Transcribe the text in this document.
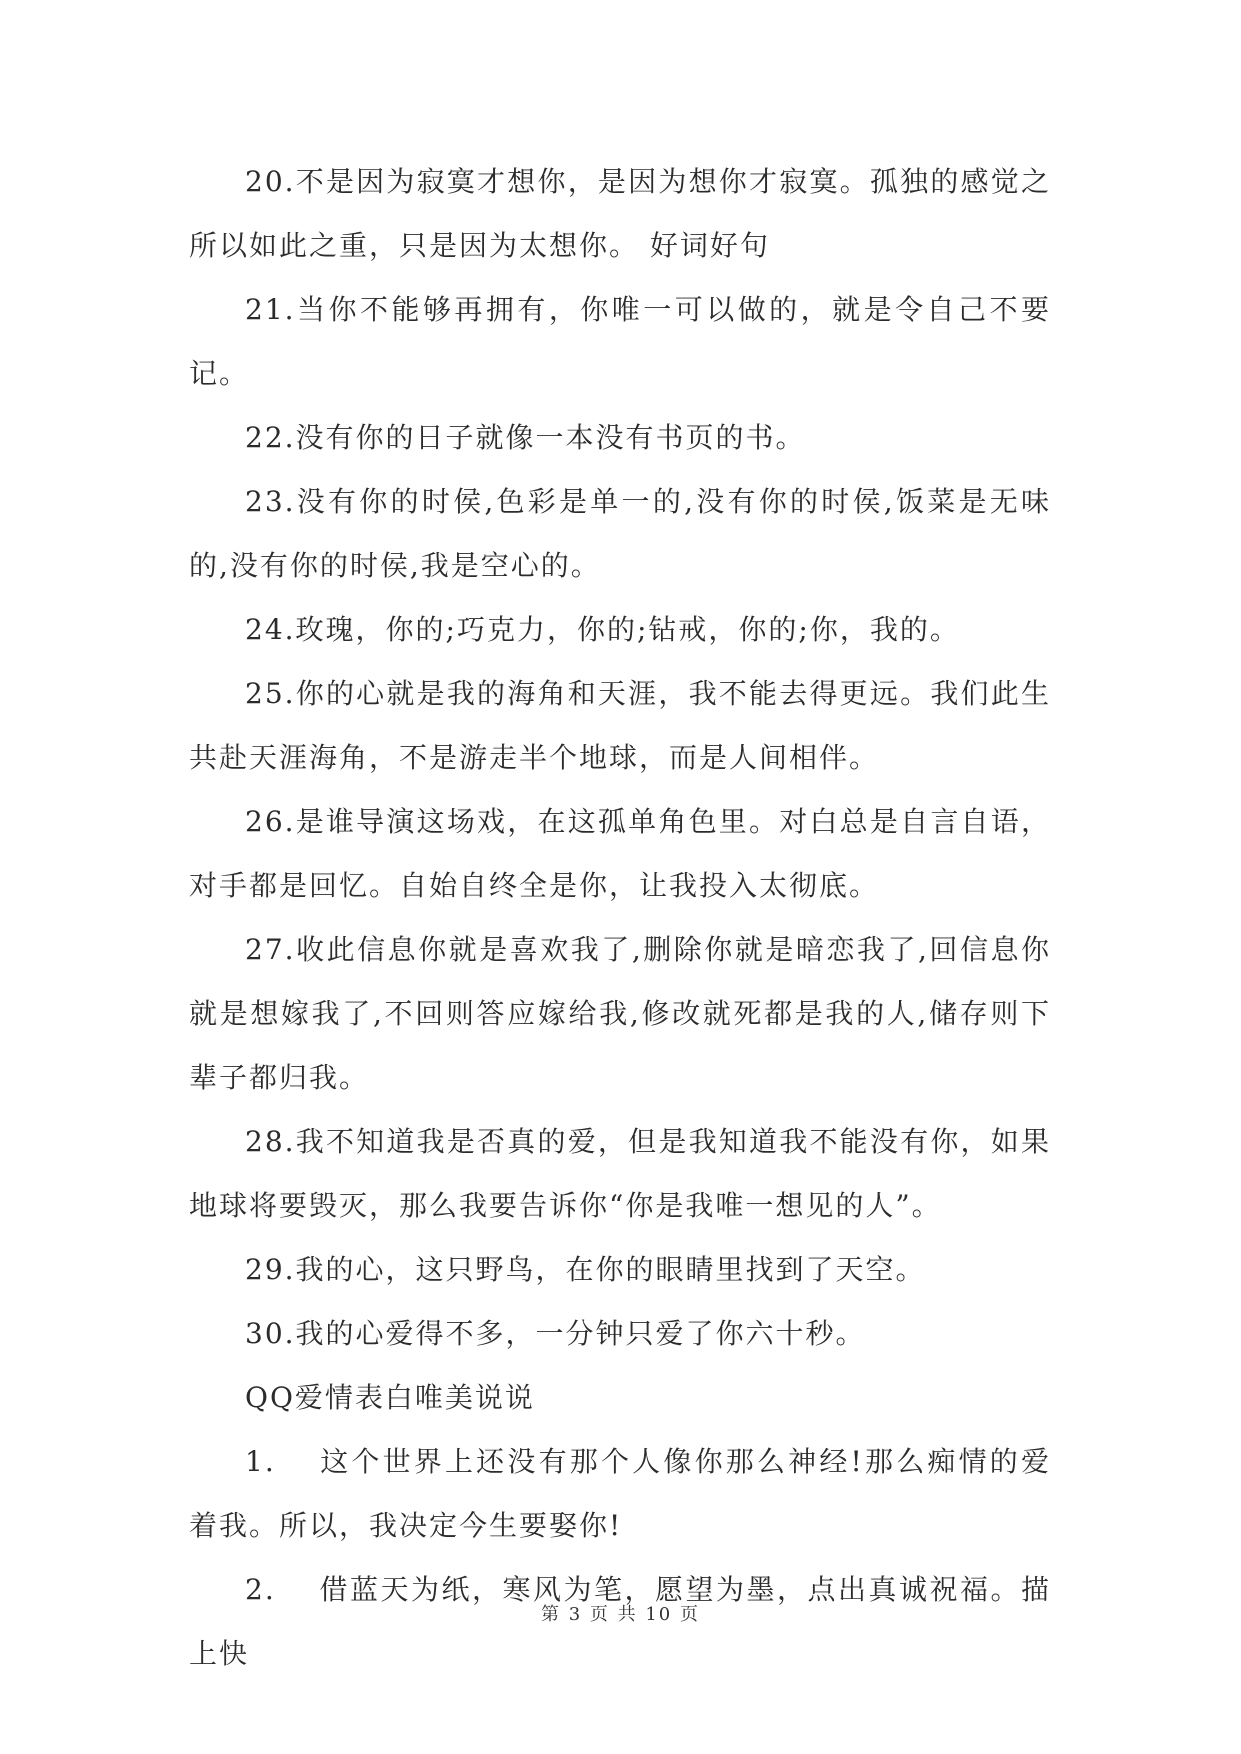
20.不是因为寂寞才想你，是因为想你才寂寞。孤独的感觉之所以如此之重，只是因为太想你。 好词好句

21.当你不能够再拥有，你唯一可以做的，就是令自己不要记。

22.没有你的日子就像一本没有书页的书。

23.没有你的时侯,色彩是单一的,没有你的时侯,饭菜是无味的,没有你的时侯,我是空心的。

24.玫瑰，你的;巧克力，你的;钻戒，你的;你，我的。

25.你的心就是我的海角和天涯，我不能去得更远。我们此生共赴天涯海角，不是游走半个地球，而是人间相伴。

26.是谁导演这场戏，在这孤单角色里。对白总是自言自语，对手都是回忆。自始自终全是你，让我投入太彻底。

27.收此信息你就是喜欢我了,删除你就是暗恋我了,回信息你就是想嫁我了,不回则答应嫁给我,修改就死都是我的人,储存则下辈子都归我。

28.我不知道我是否真的爱，但是我知道我不能没有你，如果地球将要毁灭，那么我要告诉你“你是我唯一想见的人”。

29.我的心，这只野鸟，在你的眼睛里找到了天空。

30.我的心爱得不多，一分钟只爱了你六十秒。

QQ爱情表白唯美说说

1. 这个世界上还没有那个人像你那么神经!那么痴情的爱着我。所以，我决定今生要娶你!

2. 借蓝天为纸，寒风为笔，愿望为墨，点出真诚祝福。描上快

第 3 页 共 10 页
